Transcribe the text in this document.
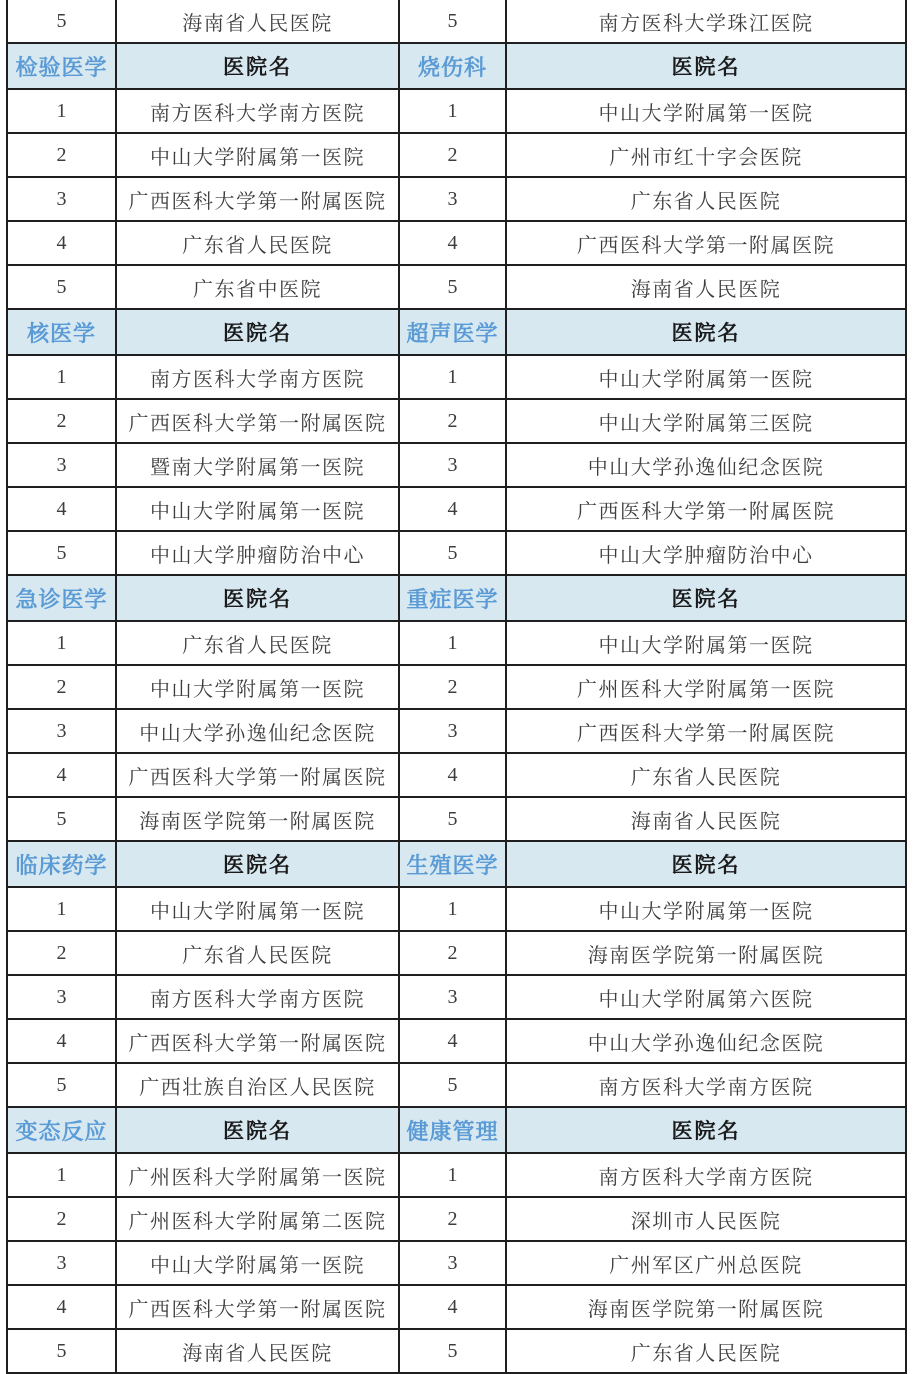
5	海南省人民医院	5	南方医科大学珠江医院
检验医学	医院名	烧伤科	医院名
1	南方医科大学南方医院	1	中山大学附属第一医院
2	中山大学附属第一医院	2	广州市红十字会医院
3	广西医科大学第一附属医院	3	广东省人民医院
4	广东省人民医院	4	广西医科大学第一附属医院
5	广东省中医院	5	海南省人民医院
核医学	医院名	超声医学	医院名
1	南方医科大学南方医院	1	中山大学附属第一医院
2	广西医科大学第一附属医院	2	中山大学附属第三医院
3	暨南大学附属第一医院	3	中山大学孙逸仙纪念医院
4	中山大学附属第一医院	4	广西医科大学第一附属医院
5	中山大学肿瘤防治中心	5	中山大学肿瘤防治中心
急诊医学	医院名	重症医学	医院名
1	广东省人民医院	1	中山大学附属第一医院
2	中山大学附属第一医院	2	广州医科大学附属第一医院
3	中山大学孙逸仙纪念医院	3	广西医科大学第一附属医院
4	广西医科大学第一附属医院	4	广东省人民医院
5	海南医学院第一附属医院	5	海南省人民医院
临床药学	医院名	生殖医学	医院名
1	中山大学附属第一医院	1	中山大学附属第一医院
2	广东省人民医院	2	海南医学院第一附属医院
3	南方医科大学南方医院	3	中山大学附属第六医院
4	广西医科大学第一附属医院	4	中山大学孙逸仙纪念医院
5	广西壮族自治区人民医院	5	南方医科大学南方医院
变态反应	医院名	健康管理	医院名
1	广州医科大学附属第一医院	1	南方医科大学南方医院
2	广州医科大学附属第二医院	2	深圳市人民医院
3	中山大学附属第一医院	3	广州军区广州总医院
4	广西医科大学第一附属医院	4	海南医学院第一附属医院
5	海南省人民医院	5	广东省人民医院
